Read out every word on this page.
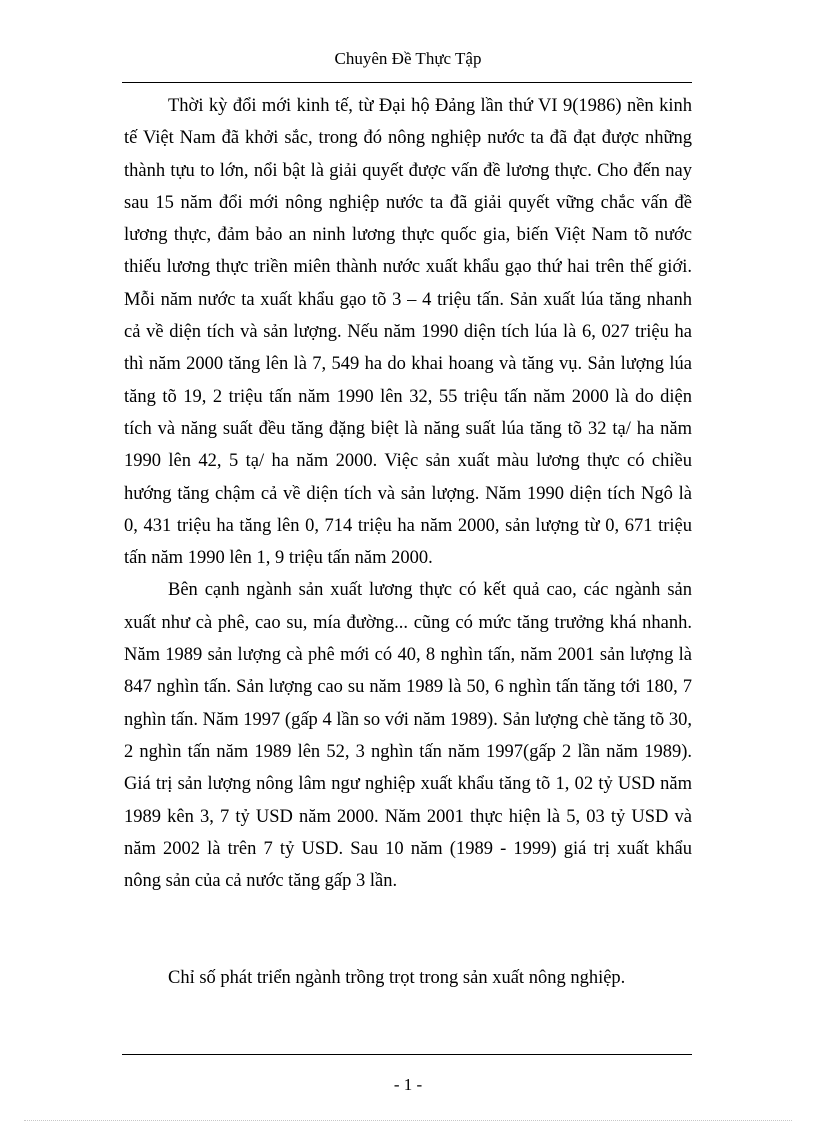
Chuyên Đề Thực Tập

Thời kỳ đổi mới kinh tế, từ Đại hộ Đảng lần thứ VI 9(1986) nền kinh tế Việt Nam đã khởi sắc, trong đó nông nghiệp nước ta đã đạt được những thành tựu to lớn, nổi bật là giải quyết được vấn đề lương thực. Cho đến nay sau 15 năm đổi mới nông nghiệp nước ta đã giải quyết vững chắc vấn đề lương thực, đảm bảo an ninh lương thực quốc gia, biến Việt Nam tõ nước thiếu lương thực triền miên thành nước xuất khẩu gạo thứ hai trên thế giới. Mỗi năm nước ta xuất khẩu gạo tõ 3 – 4 triệu tấn. Sản xuất lúa tăng nhanh cả về diện tích và sản lượng. Nếu năm 1990 diện tích lúa là 6, 027 triệu ha thì năm 2000 tăng lên là 7, 549 ha do khai hoang và tăng vụ. Sản lượng lúa tăng tõ 19, 2 triệu tấn năm 1990 lên 32, 55 triệu tấn năm 2000 là do diện tích và năng suất đều tăng đặng biệt là năng suất lúa tăng tõ 32 tạ/ ha năm 1990 lên 42, 5 tạ/ ha năm 2000. Việc sản xuất màu lương thực có chiều hướng tăng chậm cả về diện tích và sản lượng. Năm 1990 diện tích Ngô là 0, 431 triệu ha tăng lên 0, 714 triệu ha năm 2000, sản lượng từ 0, 671 triệu tấn năm 1990 lên 1, 9 triệu tấn năm 2000.

Bên cạnh ngành sản xuất lương thực có kết quả cao, các ngành sản xuất như cà phê, cao su, mía đường... cũng có mức tăng trưởng khá nhanh. Năm 1989 sản lượng cà phê mới có 40, 8 nghìn tấn, năm 2001 sản lượng là 847 nghìn tấn. Sản lượng cao su năm 1989 là 50, 6 nghìn tấn tăng tới 180, 7 nghìn tấn. Năm 1997 (gấp 4 lần so với năm 1989). Sản lượng chè tăng tõ 30, 2 nghìn tấn năm 1989 lên 52, 3 nghìn tấn năm 1997(gấp 2 lần năm 1989). Giá trị sản lượng nông lâm ngư nghiệp xuất khẩu tăng tõ 1, 02 tỷ USD năm 1989 kên 3, 7 tỷ USD năm 2000. Năm 2001 thực hiện là 5, 03 tỷ USD và năm 2002 là trên 7 tỷ USD. Sau 10 năm (1989 - 1999) giá trị xuất khẩu nông sản của cả nước tăng gấp 3 lần.

Chỉ số phát triển ngành trồng trọt trong sản xuất nông nghiệp.
- 1 -
